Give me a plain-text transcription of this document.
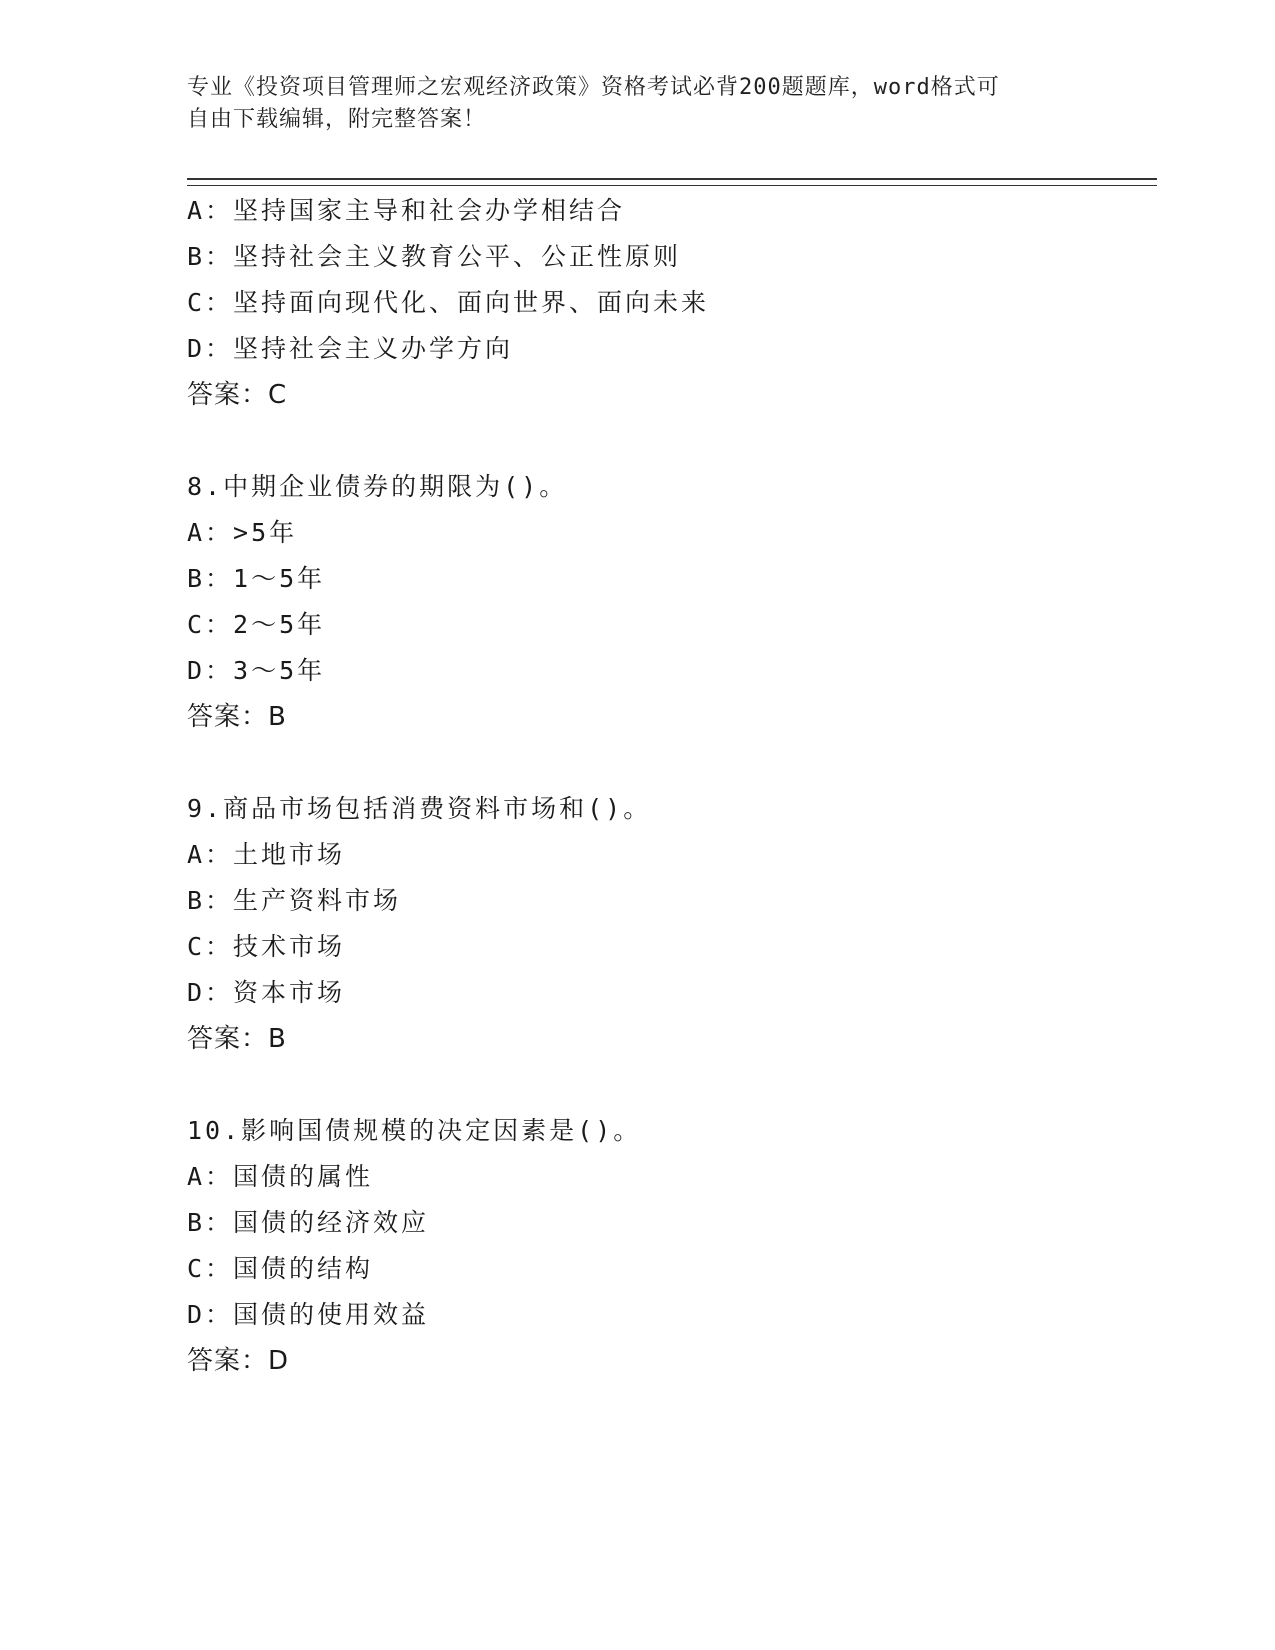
专业《投资项目管理师之宏观经济政策》资格考试必背200题题库，word格式可
自由下载编辑，附完整答案！
A：坚持国家主导和社会办学相结合
B：坚持社会主义教育公平、公正性原则
C：坚持面向现代化、面向世界、面向未来
D：坚持社会主义办学方向
答案：C
8.中期企业债券的期限为()。
A：>5年
B：1～5年
C：2～5年
D：3～5年
答案：B
9.商品市场包括消费资料市场和()。
A：土地市场
B：生产资料市场
C：技术市场
D：资本市场
答案：B
10.影响国债规模的决定因素是()。
A：国债的属性
B：国债的经济效应
C：国债的结构
D：国债的使用效益
答案：D
